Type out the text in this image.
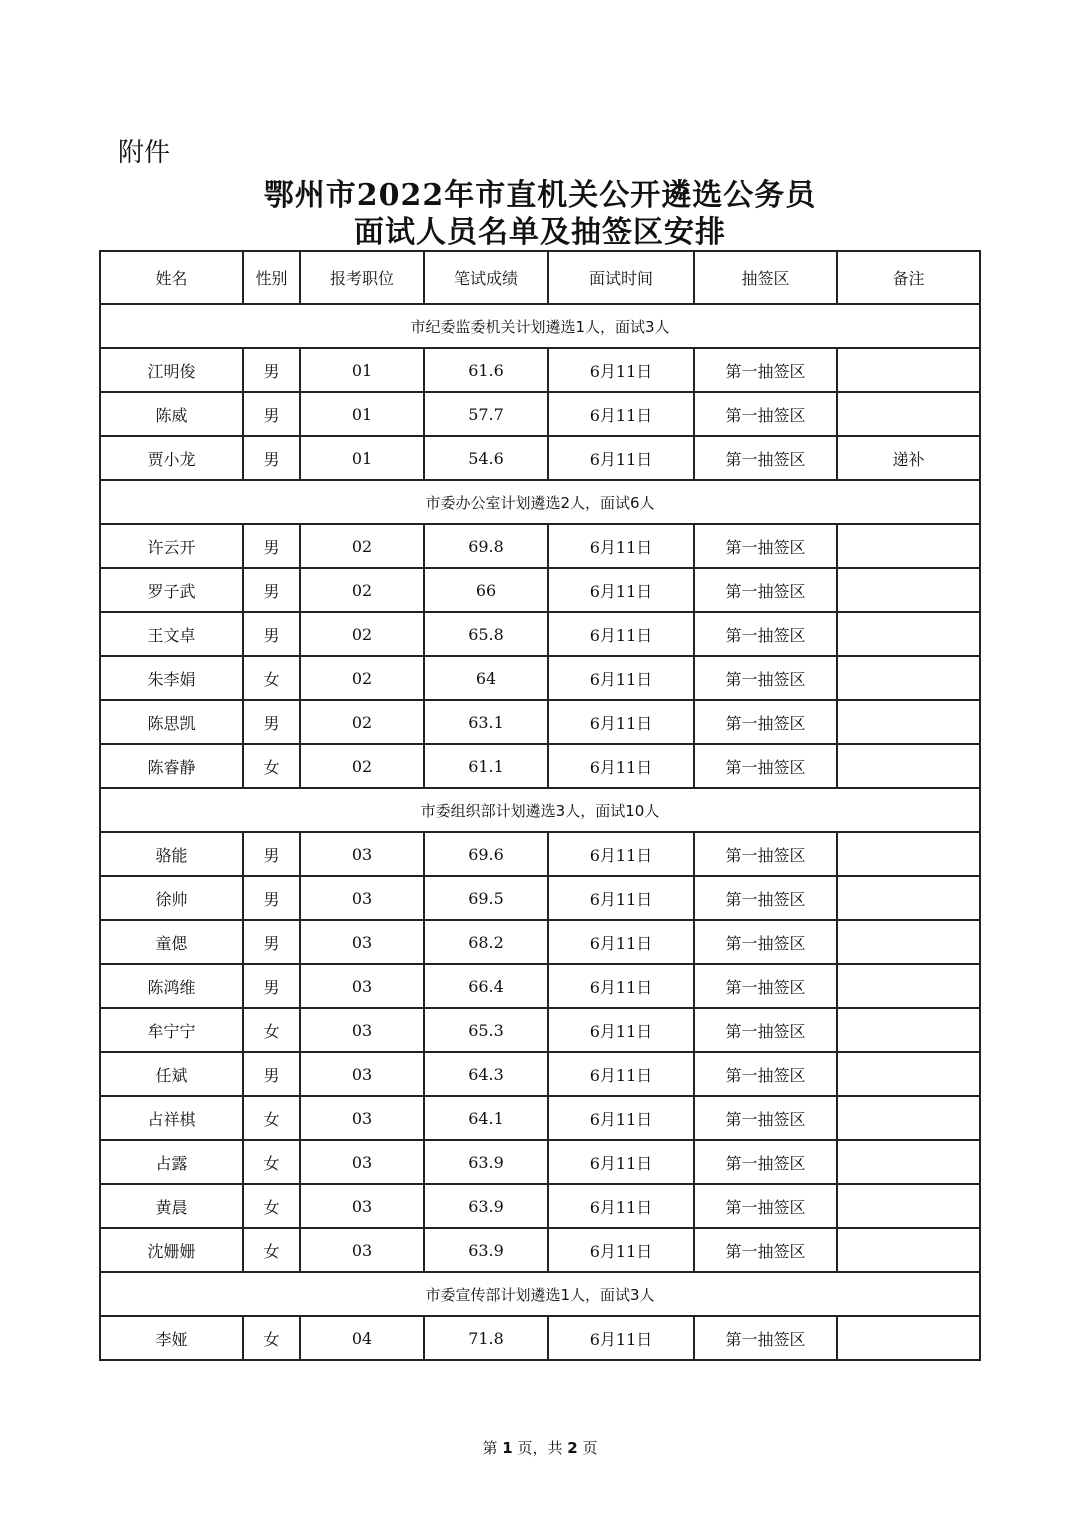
附件
鄂州市2022年市直机关公开遴选公务员
面试人员名单及抽签区安排
姓名	性别	报考职位	笔试成绩	面试时间	抽签区	备注
市纪委监委机关计划遴选1人，面试3人						
江明俊	男	01	61.6	6月11日	第一抽签区	
陈威	男	01	57.7	6月11日	第一抽签区	
贾小龙	男	01	54.6	6月11日	第一抽签区	递补
市委办公室计划遴选2人，面试6人						
许云开	男	02	69.8	6月11日	第一抽签区	
罗子武	男	02	66	6月11日	第一抽签区	
王文卓	男	02	65.8	6月11日	第一抽签区	
朱李娟	女	02	64	6月11日	第一抽签区	
陈思凯	男	02	63.1	6月11日	第一抽签区	
陈睿静	女	02	61.1	6月11日	第一抽签区	
市委组织部计划遴选3人，面试10人						
骆能	男	03	69.6	6月11日	第一抽签区	
徐帅	男	03	69.5	6月11日	第一抽签区	
童偲	男	03	68.2	6月11日	第一抽签区	
陈鸿维	男	03	66.4	6月11日	第一抽签区	
牟宁宁	女	03	65.3	6月11日	第一抽签区	
任斌	男	03	64.3	6月11日	第一抽签区	
占祥棋	女	03	64.1	6月11日	第一抽签区	
占露	女	03	63.9	6月11日	第一抽签区	
黄晨	女	03	63.9	6月11日	第一抽签区	
沈姗姗	女	03	63.9	6月11日	第一抽签区	
市委宣传部计划遴选1人，面试3人						
李娅	女	04	71.8	6月11日	第一抽签区	
第 1 页，共 2 页
